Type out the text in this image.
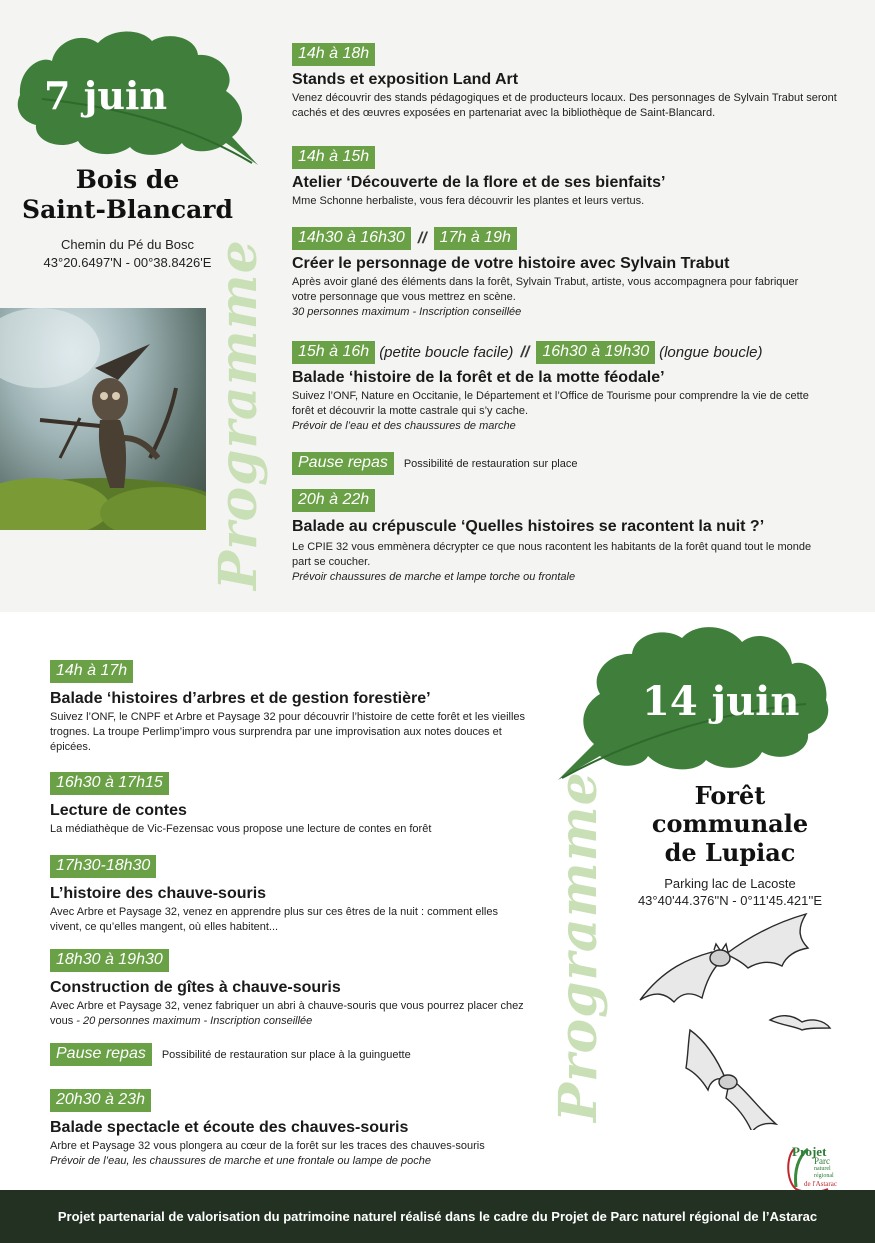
7 juin
Bois de
Saint-Blancard
Chemin du Pé du Bosc
43°20.6497'N - 00°38.8426'E
Programme
14h à 18h
Stands et exposition Land Art
Venez découvrir des stands pédagogiques et de producteurs locaux. Des personnages de Sylvain Trabut seront cachés et des œuvres exposées en partenariat avec la bibliothèque de Saint-Blancard.
14h à 15h
Atelier ‘Découverte de la flore et de ses bienfaits’
Mme Schonne herbaliste, vous fera découvrir les plantes et leurs vertus.
14h30 à 16h30 // 17h à 19h
Créer le personnage de votre histoire avec Sylvain Trabut
Après avoir glané des éléments dans la forêt, Sylvain Trabut, artiste, vous accompagnera pour fabriquer votre personnage que vous mettrez en scène.
30 personnes maximum - Inscription conseillée
15h à 16h (petite boucle facile) // 16h30 à 19h30 (longue boucle)
Balade ‘histoire de la forêt et de la motte féodale’
Suivez l’ONF, Nature en Occitanie, le Département et l’Office de Tourisme pour comprendre la vie de cette forêt et découvrir la motte castrale qui s’y cache.
Prévoir de l’eau et des chaussures de marche
Pause repas	Possibilité de restauration sur place
20h à 22h
Balade au crépuscule ‘Quelles histoires se racontent la nuit ?’
Le CPIE 32 vous emmènera décrypter ce que nous racontent les habitants de la forêt quand tout le monde part se coucher.
Prévoir chaussures de marche et lampe torche ou frontale
14 juin
Forêt
communale
de Lupiac
Parking lac de Lacoste
43°40'44.376''N - 0°11'45.421''E
Programme
14h à 17h
Balade ‘histoires d’arbres et de gestion forestière’
Suivez l’ONF, le CNPF et Arbre et Paysage 32 pour découvrir l’histoire de cette forêt et les vieilles trognes. La troupe Perlimp’impro vous surprendra par une improvisation aux notes douces et épicées.
16h30 à 17h15
Lecture de contes
La médiathèque de Vic-Fezensac vous propose une lecture de contes en forêt
17h30-18h30
L’histoire des chauve-souris
Avec Arbre et Paysage 32, venez en apprendre plus sur ces êtres de la nuit : comment elles vivent, ce qu’elles mangent, où elles habitent...
18h30 à 19h30
Construction de gîtes à chauve-souris
Avec Arbre et Paysage 32, venez fabriquer un abri à chauve-souris que vous pourrez placer chez vous - 20 personnes maximum - Inscription conseillée
Pause repas	Possibilité de restauration sur place à la guinguette
20h30 à 23h
Balade spectacle et écoute des chauves-souris
Arbre et Paysage 32 vous plongera au cœur de la forêt sur les traces des chauves-souris
Prévoir de l’eau, les chaussures de marche et une frontale ou lampe de poche
Projet
Parc
naturel
régional
de l'Astarac
Projet partenarial de valorisation du patrimoine naturel réalisé dans le cadre du Projet de Parc naturel régional de l’Astarac
